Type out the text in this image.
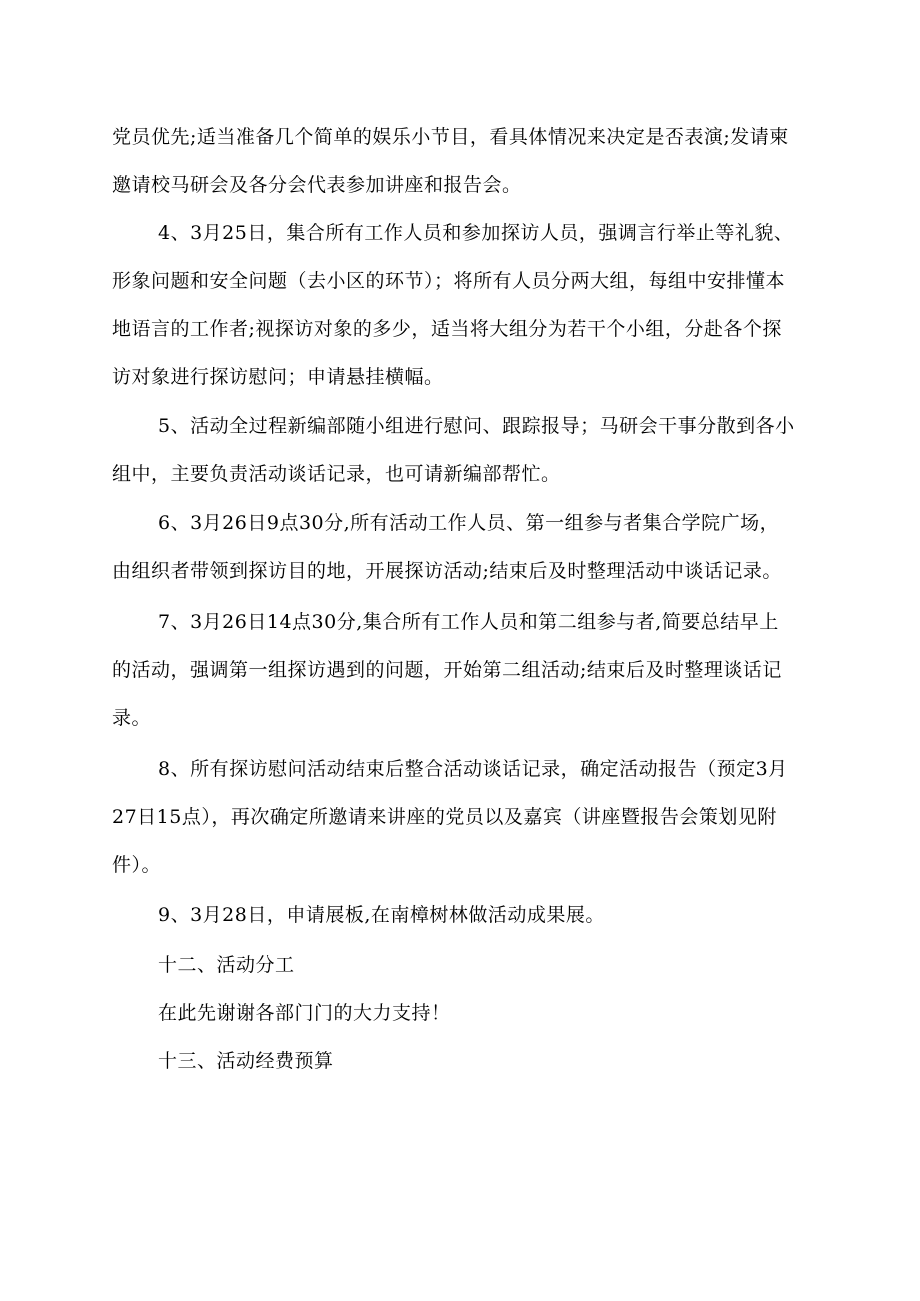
党员优先;适当准备几个简单的娱乐小节目，看具体情况来决定是否表演;发请柬
邀请校马研会及各分会代表参加讲座和报告会。
4、3月25日，集合所有工作人员和参加探访人员，强调言行举止等礼貌、
形象问题和安全问题（去小区的环节）；将所有人员分两大组，每组中安排懂本
地语言的工作者;视探访对象的多少，适当将大组分为若干个小组，分赴各个探
访对象进行探访慰问；申请悬挂横幅。
5、活动全过程新编部随小组进行慰问、跟踪报导；马研会干事分散到各小
组中，主要负责活动谈话记录，也可请新编部帮忙。
6、3月26日9点30分,所有活动工作人员、第一组参与者集合学院广场，
由组织者带领到探访目的地，开展探访活动;结束后及时整理活动中谈话记录。
7、3月26日14点30分,集合所有工作人员和第二组参与者,简要总结早上
的活动，强调第一组探访遇到的问题，开始第二组活动;结束后及时整理谈话记
录。
8、所有探访慰问活动结束后整合活动谈话记录，确定活动报告（预定3月
27日15点），再次确定所邀请来讲座的党员以及嘉宾（讲座暨报告会策划见附
件）。
9、3月28日，申请展板,在南樟树林做活动成果展。
十二、活动分工
在此先谢谢各部门门的大力支持！
十三、活动经费预算
